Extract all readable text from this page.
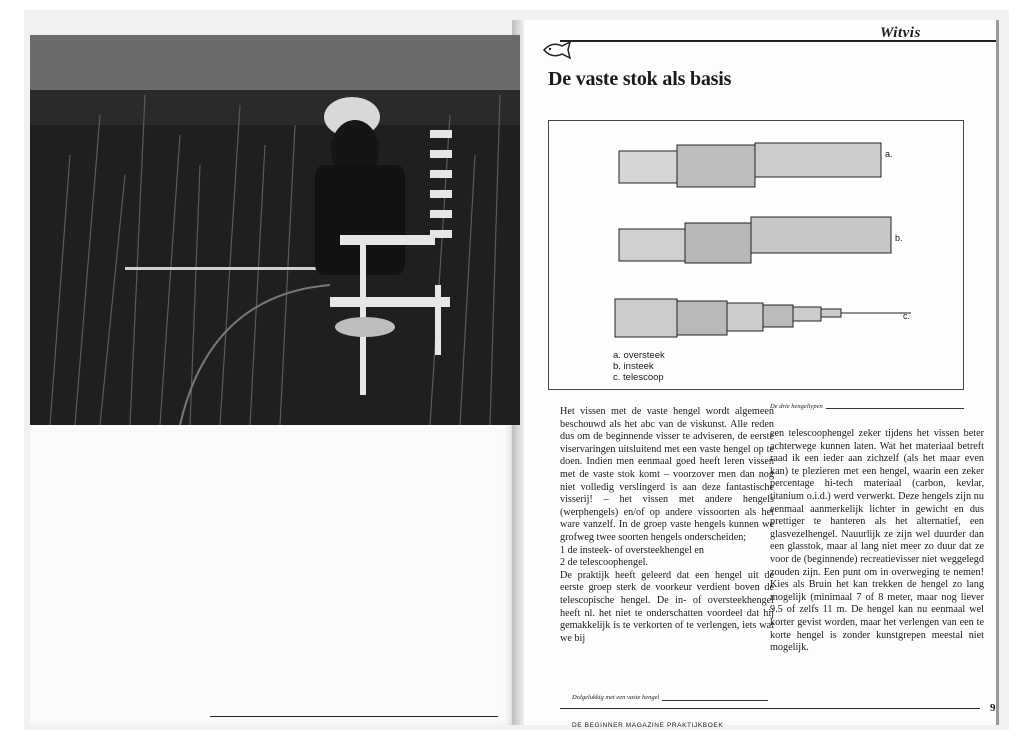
Witvis
De vaste stok als basis
a.
b.
c.
a. oversteek
b. insteek
c. telescoop

Het vissen met de vaste hengel wordt algemeen beschouwd als het abc van de viskunst. Alle reden dus om de beginnende visser te adviseren, de eerste viservaringen uitsluitend met een vaste hengel op te doen. Indien men eenmaal goed heeft leren vissen met de vaste stok komt – voorzover men dan nog niet volledig verslingerd is aan deze fantastische visserij! – het vissen met andere hengels (werphengels) en/of op andere vissoorten als het ware vanzelf. In de groep vaste hengels kunnen we grofweg twee soorten hengels onderscheiden;

1 de insteek- of oversteekhengel en

2 de telescoophengel.

De praktijk heeft geleerd dat een hengel uit de eerste groep sterk de voorkeur verdient boven de telescopische hengel. De in- of oversteekhengel heeft nl. het niet te onderschatten voordeel dat hij gemakkelijk is te verkorten of te verlengen, iets wat we bij

De drie hengeltypen

een telescoophengel zeker tijdens het vissen beter achterwege kunnen laten. Wat het materiaal betreft raad ik een ieder aan zichzelf (als het maar even kan) te plezieren met een hengel, waarin een zeker percentage hi-tech materiaal (carbon, kevlar, titanium o.i.d.) werd verwerkt. Deze hengels zijn nu eenmaal aanmerkelijk lichter in gewicht en dus prettiger te hanteren als het alternatief, een glasvezelhengel. Nauurlijk ze zijn wel duurder dan een glasstok, maar al lang niet meer zo duur dat ze voor de (beginnende) recreatievisser niet weggelegd zouden zijn. Een punt om in overweging te nemen! Kies als Bruin het kan trekken de hengel zo lang mogelijk (minimaal 7 of 8 meter, maar nog liever 9.5 of zelfs 11 m. De hengel kan nu eenmaal wel korter gevist worden, maar het verlengen van een te korte hengel is zonder kunstgrepen meestal niet mogelijk.

Dolgelukkig met een vaste hengel
DE BEGINNER MAGAZINE PRAKTIJKBOEK
9
